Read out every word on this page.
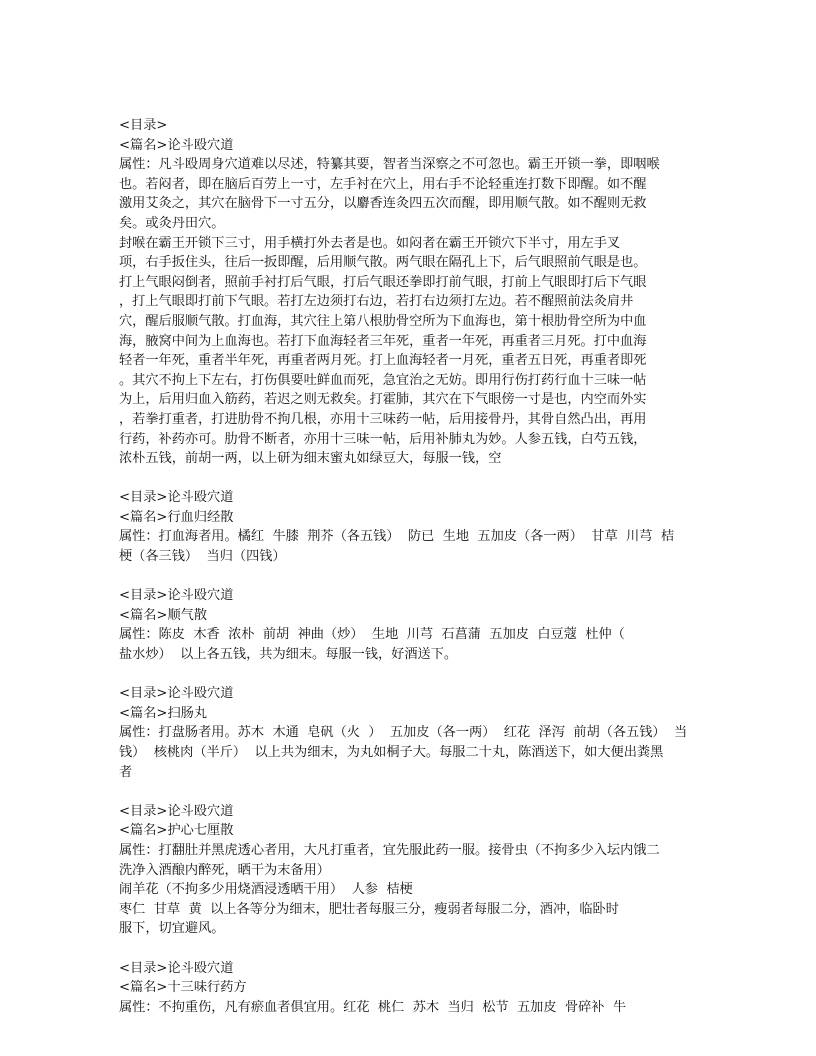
<目录>
<篇名>论斗殴穴道
属性：凡斗殴周身穴道难以尽述，特纂其要，智者当深察之不可忽也。霸王开锁一拳，即咽喉
也。若闷者，即在脑后百劳上一寸，左手衬在穴上，用右手不论轻重连打数下即醒。如不醒
激用艾灸之，其穴在脑骨下一寸五分，以麝香连灸四五次而醒，即用顺气散。如不醒则无救
矣。或灸丹田穴。
封喉在霸王开锁下三寸，用手横打外去者是也。如闷者在霸王开锁穴下半寸，用左手叉
项，右手扳住头，往后一扳即醒，后用顺气散。两气眼在隔孔上下，后气眼照前气眼是也。
打上气眼闷倒者，照前手衬打后气眼，打后气眼还拳即打前气眼，打前上气眼即打后下气眼
，打上气眼即打前下气眼。若打左边须打右边，若打右边须打左边。若不醒照前法灸肩井
穴，醒后服顺气散。打血海，其穴往上第八根肋骨空所为下血海也，第十根肋骨空所为中血
海，腋窝中间为上血海也。若打下血海轻者三年死，重者一年死，再重者三月死。打中血海
轻者一年死，重者半年死，再重者两月死。打上血海轻者一月死，重者五日死，再重者即死
。其穴不拘上下左右，打伤俱要吐鲜血而死，急宜治之无妨。即用行伤打药行血十三味一帖
为上，后用归血入筋药，若迟之则无救矣。打霍肺，其穴在下气眼傍一寸是也，内空而外实
，若拳打重者，打进肋骨不拘几根，亦用十三味药一帖，后用接骨丹，其骨自然凸出，再用
行药，补药亦可。肋骨不断者，亦用十三味一帖，后用补肺丸为妙。人参五钱，白芍五钱，
浓朴五钱，前胡一两，以上研为细末蜜丸如绿豆大，每服一钱，空
<目录>论斗殴穴道
<篇名>行血归经散
属性：打血海者用。橘红  牛膝  荆芥（各五钱）  防已  生地  五加皮（各一两）  甘草  川芎  桔
梗（各三钱）  当归（四钱）
<目录>论斗殴穴道
<篇名>顺气散
属性：陈皮  木香  浓朴  前胡  神曲（炒）  生地  川芎  石菖蒲  五加皮  白豆蔻  杜仲（
盐水炒）  以上各五钱，共为细末。每服一钱，好酒送下。
<目录>论斗殴穴道
<篇名>扫肠丸
属性：打盘肠者用。苏木  木通  皂矾（火  ）  五加皮（各一两）  红花  泽泻  前胡（各五钱）  当
钱）  核桃肉（半斤）  以上共为细末，为丸如桐子大。每服二十丸，陈酒送下，如大便出粪黑
者
<目录>论斗殴穴道
<篇名>护心七厘散
属性：打翻肚并黑虎透心者用，大凡打重者，宜先服此药一服。接骨虫（不拘多少入坛内饿二
洗净入酒酿内醉死，晒干为末备用）
闹羊花（不拘多少用烧酒浸透晒干用）  人参  桔梗
枣仁  甘草  黄  以上各等分为细末，肥壮者每服三分，瘦弱者每服二分，酒冲，临卧时
服下，切宜避风。
<目录>论斗殴穴道
<篇名>十三味行药方
属性：不拘重伤，凡有瘀血者俱宜用。红花  桃仁  苏木  当归  松节  五加皮  骨碎补  牛
